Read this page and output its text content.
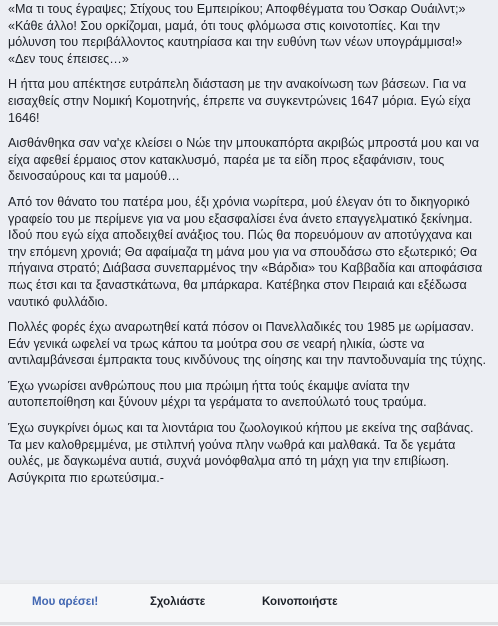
«Μα τι τους έγραψες; Στίχους του Εμπειρίκου; Αποφθέγματα του Όσκαρ Ουάιλντ;» «Κάθε άλλο! Σου ορκίζομαι, μαμά, ότι τους φλόμωσα στις κοινοτοπίες. Και την μόλυνση του περιβάλλοντος καυτηρίασα και την ευθύνη των νέων υπογράμμισα!» «Δεν τους έπεισες…»

Η ήττα μου απέκτησε ευτράπελη διάσταση με την ανακοίνωση των βάσεων. Για να εισαχθείς στην Νομική Κομοτηνής, έπρεπε να συγκεντρώνεις 1647 μόρια. Εγώ είχα 1646!

Αισθάνθηκα σαν να'χε κλείσει ο Νώε την μπουκαπόρτα ακριβώς μπροστά μου και να είχα αφεθεί έρμαιος στον κατακλυσμό, παρέα με τα είδη προς εξαφάνισιν, τους δεινοσαύρους και τα μαμούθ…

Από τον θάνατο του πατέρα μου, έξι χρόνια νωρίτερα, μού έλεγαν ότι το δικηγορικό γραφείο του με περίμενε για να μου εξασφαλίσει ένα άνετο επαγγελματικό ξεκίνημα. Ιδού που εγώ είχα αποδειχθεί ανάξιος του. Πώς θα πορευόμουν αν αποτύγχανα και την επόμενη χρονιά; Θα αφαίμαζα τη μάνα μου για να σπουδάσω στο εξωτερικό; Θα πήγαινα στρατό; Διάβασα συνεπαρμένος την «Βάρδια» του Καββαδία και αποφάσισα πως έτσι και τα ξαναστκάτωνα, θα μπάρκαρα. Κατέβηκα στον Πειραιά και εξέδωσα ναυτικό φυλλάδιο.

Πολλές φορές έχω αναρωτηθεί κατά πόσον οι Πανελλαδικές του 1985 με ωρίμασαν. Εάν γενικά ωφελεί να τρως κάπου τα μούτρα σου σε νεαρή ηλικία, ώστε να αντιλαμβάνεσαι έμπρακτα τους κινδύνους της οίησης και την παντοδυναμία της τύχης.

Έχω γνωρίσει ανθρώπους που μια πρώιμη ήττα τούς έκαμψε ανίατα την αυτοπεποίθηση και ξύνουν μέχρι τα γεράματα το ανεπούλωτό τους τραύμα.

Έχω συγκρίνει όμως και τα λιοντάρια του ζωολογικού κήπου με εκείνα της σαβάνας. Τα μεν καλοθρεμμένα, με στιλπνή γούνα πλην νωθρά και μαλθακά. Τα δε γεμάτα ουλές, με δαγκωμένα αυτιά, συχνά μονόφθαλμα από τη μάχη για την επιβίωση. Ασύγκριτα πιο ερωτεύσιμα.-

Μου αρέσει!	Σχολιάστε	Κοινοποιήστε
